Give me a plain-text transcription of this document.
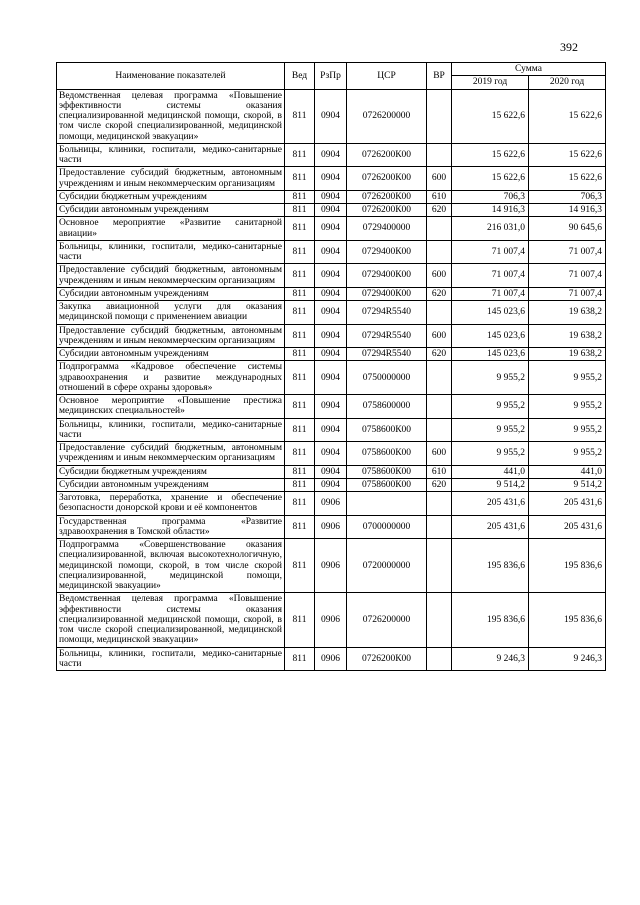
392
Наименование показателей	Вед	РзПр	ЦСР	ВР	Сумма	
					2019 год	2020 год
Ведомственная целевая программа «Повышение эффективности системы оказания специализированной медицинской помощи, скорой, в том числе скорой специализированной, медицинской помощи, медицинской эвакуации»	811	0904	0726200000		15 622,6	15 622,6
Больницы, клиники, госпитали, медико-санитарные части	811	0904	0726200К00		15 622,6	15 622,6
Предоставление субсидий бюджетным, автономным учреждениям и иным некоммерческим организациям	811	0904	0726200К00	600	15 622,6	15 622,6
Субсидии бюджетным учреждениям	811	0904	0726200К00	610	706,3	706,3
Субсидии автономным учреждениям	811	0904	0726200К00	620	14 916,3	14 916,3
Основное мероприятие «Развитие санитарной авиации»	811	0904	0729400000		216 031,0	90 645,6
Больницы, клиники, госпитали, медико-санитарные части	811	0904	0729400К00		71 007,4	71 007,4
Предоставление субсидий бюджетным, автономным учреждениям и иным некоммерческим организациям	811	0904	0729400К00	600	71 007,4	71 007,4
Субсидии автономным учреждениям	811	0904	0729400К00	620	71 007,4	71 007,4
Закупка авиационной услуги для оказания медицинской помощи с применением авиации	811	0904	07294R5540		145 023,6	19 638,2
Предоставление субсидий бюджетным, автономным учреждениям и иным некоммерческим организациям	811	0904	07294R5540	600	145 023,6	19 638,2
Субсидии автономным учреждениям	811	0904	07294R5540	620	145 023,6	19 638,2
Подпрограмма «Кадровое обеспечение системы здравоохранения и развитие международных отношений в сфере охраны здоровья»	811	0904	0750000000		9 955,2	9 955,2
Основное мероприятие «Повышение престижа медицинских специальностей»	811	0904	0758600000		9 955,2	9 955,2
Больницы, клиники, госпитали, медико-санитарные части	811	0904	0758600К00		9 955,2	9 955,2
Предоставление субсидий бюджетным, автономным учреждениям и иным некоммерческим организациям	811	0904	0758600К00	600	9 955,2	9 955,2
Субсидии бюджетным учреждениям	811	0904	0758600К00	610	441,0	441,0
Субсидии автономным учреждениям	811	0904	0758600К00	620	9 514,2	9 514,2
Заготовка, переработка, хранение и обеспечение безопасности донорской крови и её компонентов	811	0906			205 431,6	205 431,6
Государственная программа «Развитие здравоохранения в Томской области»	811	0906	0700000000		205 431,6	205 431,6
Подпрограмма «Совершенствование оказания специализированной, включая высокотехнологичную, медицинской помощи, скорой, в том числе скорой специализированной, медицинской помощи, медицинской эвакуации»	811	0906	0720000000		195 836,6	195 836,6
Ведомственная целевая программа «Повышение эффективности системы оказания специализированной медицинской помощи, скорой, в том числе скорой специализированной, медицинской помощи, медицинской эвакуации»	811	0906	0726200000		195 836,6	195 836,6
Больницы, клиники, госпитали, медико-санитарные части	811	0906	0726200К00		9 246,3	9 246,3
